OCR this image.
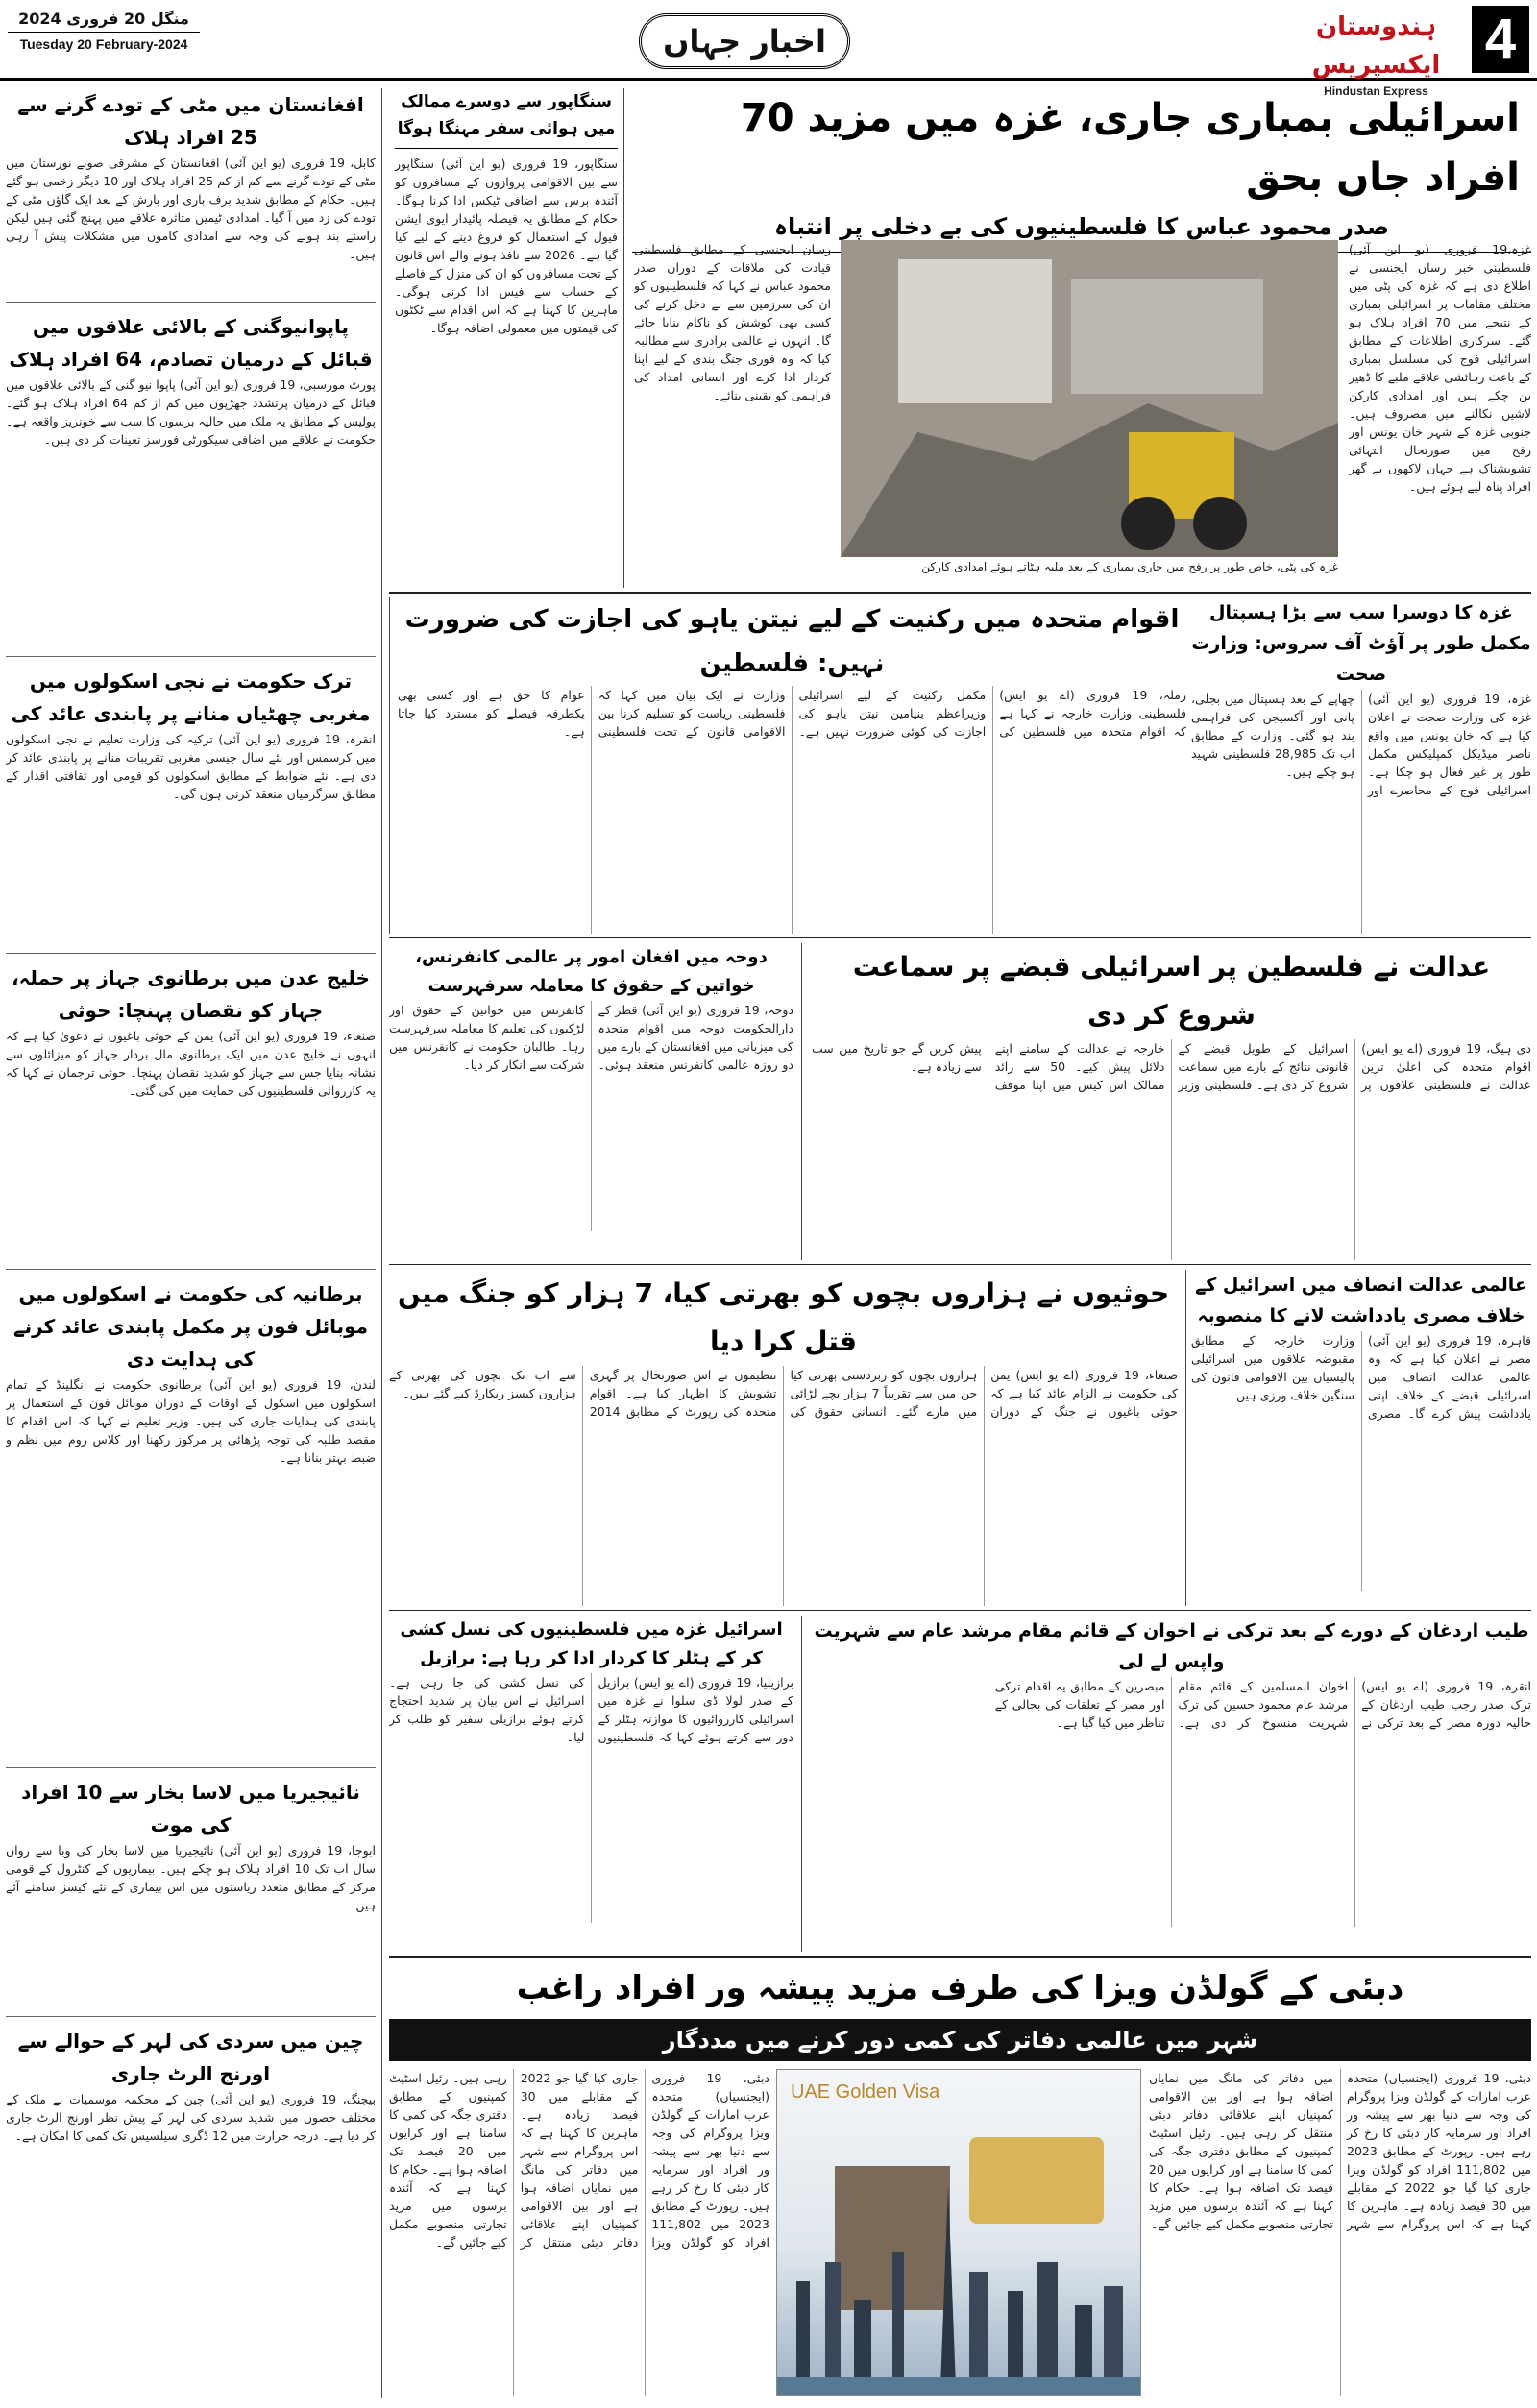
4
ہندوستان ایکسپریس
Hindustan Express
اخبار جہاں
منگل 20 فروری 2024
Tuesday 20 February-2024
افغانستان میں مٹی کے تودے گرنے سے 25 افراد ہلاک
کابل، 19 فروری (یو این آئی) افغانستان کے مشرقی صوبے نورستان میں مٹی کے تودے گرنے سے کم از کم 25 افراد ہلاک اور 10 دیگر زخمی ہو گئے ہیں۔ حکام کے مطابق شدید برف باری اور بارش کے بعد ایک گاؤں مٹی کے تودے کی زد میں آ گیا۔ امدادی ٹیمیں متاثرہ علاقے میں پہنچ گئی ہیں لیکن راستے بند ہونے کی وجہ سے امدادی کاموں میں مشکلات پیش آ رہی ہیں۔
پاپوانیوگنی کے بالائی علاقوں میں قبائل کے درمیان تصادم، 64 افراد ہلاک
پورٹ مورسبی، 19 فروری (یو این آئی) پاپوا نیو گنی کے بالائی علاقوں میں قبائل کے درمیان پرتشدد جھڑپوں میں کم از کم 64 افراد ہلاک ہو گئے۔ پولیس کے مطابق یہ ملک میں حالیہ برسوں کا سب سے خونریز واقعہ ہے۔ حکومت نے علاقے میں اضافی سیکورٹی فورسز تعینات کر دی ہیں۔
ترک حکومت نے نجی اسکولوں میں مغربی چھٹیاں منانے پر پابندی عائد کی
انقرہ، 19 فروری (یو این آئی) ترکیہ کی وزارت تعلیم نے نجی اسکولوں میں کرسمس اور نئے سال جیسی مغربی تقریبات منانے پر پابندی عائد کر دی ہے۔ نئے ضوابط کے مطابق اسکولوں کو قومی اور ثقافتی اقدار کے مطابق سرگرمیاں منعقد کرنی ہوں گی۔
خلیج عدن میں برطانوی جہاز پر حملہ، جہاز کو نقصان پہنچا: حوثی
صنعاء، 19 فروری (یو این آئی) یمن کے حوثی باغیوں نے دعویٰ کیا ہے کہ انہوں نے خلیج عدن میں ایک برطانوی مال بردار جہاز کو میزائلوں سے نشانہ بنایا جس سے جہاز کو شدید نقصان پہنچا۔ حوثی ترجمان نے کہا کہ یہ کارروائی فلسطینیوں کی حمایت میں کی گئی۔
برطانیہ کی حکومت نے اسکولوں میں موبائل فون پر مکمل پابندی عائد کرنے کی ہدایت دی
لندن، 19 فروری (یو این آئی) برطانوی حکومت نے انگلینڈ کے تمام اسکولوں میں اسکول کے اوقات کے دوران موبائل فون کے استعمال پر پابندی کی ہدایات جاری کی ہیں۔ وزیر تعلیم نے کہا کہ اس اقدام کا مقصد طلبہ کی توجہ پڑھائی پر مرکوز رکھنا اور کلاس روم میں نظم و ضبط بہتر بنانا ہے۔
نائیجیریا میں لاسا بخار سے 10 افراد کی موت
ابوجا، 19 فروری (یو این آئی) نائیجیریا میں لاسا بخار کی وبا سے رواں سال اب تک 10 افراد ہلاک ہو چکے ہیں۔ بیماریوں کے کنٹرول کے قومی مرکز کے مطابق متعدد ریاستوں میں اس بیماری کے نئے کیسز سامنے آئے ہیں۔
چین میں سردی کی لہر کے حوالے سے اورنج الرٹ جاری
بیجنگ، 19 فروری (یو این آئی) چین کے محکمہ موسمیات نے ملک کے مختلف حصوں میں شدید سردی کی لہر کے پیش نظر اورنج الرٹ جاری کر دیا ہے۔ درجہ حرارت میں 12 ڈگری سیلسیس تک کمی کا امکان ہے۔
سنگاپور سے دوسرے ممالک میں ہوائی سفر مہنگا ہوگا
سنگاپور، 19 فروری (یو این آئی) سنگاپور سے بین الاقوامی پروازوں کے مسافروں کو آئندہ برس سے اضافی ٹیکس ادا کرنا ہوگا۔ حکام کے مطابق یہ فیصلہ پائیدار ایوی ایشن فیول کے استعمال کو فروغ دینے کے لیے کیا گیا ہے۔ 2026 سے نافذ ہونے والے اس قانون کے تحت مسافروں کو ان کی منزل کے فاصلے کے حساب سے فیس ادا کرنی ہوگی۔ ماہرین کا کہنا ہے کہ اس اقدام سے ٹکٹوں کی قیمتوں میں معمولی اضافہ ہوگا۔
اسرائیلی بمباری جاری، غزہ میں مزید 70 افراد جاں بحق
صدر محمود عباس کا فلسطینیوں کی بے دخلی پر انتباہ
غزہ،19 فروری (یو این آئی) فلسطینی خبر رساں ایجنسی نے اطلاع دی ہے کہ غزہ کی پٹی میں مختلف مقامات پر اسرائیلی بمباری کے نتیجے میں 70 افراد ہلاک ہو گئے۔ سرکاری اطلاعات کے مطابق اسرائیلی فوج کی مسلسل بمباری کے باعث رہائشی علاقے ملبے کا ڈھیر بن چکے ہیں اور امدادی کارکن لاشیں نکالنے میں مصروف ہیں۔ جنوبی غزہ کے شہر خان یونس اور رفح میں صورتحال انتہائی تشویشناک ہے جہاں لاکھوں بے گھر افراد پناہ لیے ہوئے ہیں۔
غزہ کی پٹی، خاص طور پر رفح میں جاری بمباری کے بعد ملبہ ہٹاتے ہوئے امدادی کارکن
رسان ایجنسی کے مطابق فلسطینی قیادت کی ملاقات کے دوران صدر محمود عباس نے کہا کہ فلسطینیوں کو ان کی سرزمین سے بے دخل کرنے کی کسی بھی کوشش کو ناکام بنایا جائے گا۔ انہوں نے عالمی برادری سے مطالبہ کیا کہ وہ فوری جنگ بندی کے لیے اپنا کردار ادا کرے اور انسانی امداد کی فراہمی کو یقینی بنائے۔
اقوام متحدہ میں رکنیت کے لیے نیتن یاہو کی اجازت کی ضرورت نہیں: فلسطین
رملہ، 19 فروری (اے یو ایس) فلسطینی وزارت خارجہ نے کہا ہے کہ اقوام متحدہ میں فلسطین کی مکمل رکنیت کے لیے اسرائیلی وزیراعظم بنیامین نیتن یاہو کی اجازت کی کوئی ضرورت نہیں ہے۔ وزارت نے ایک بیان میں کہا کہ فلسطینی ریاست کو تسلیم کرنا بین الاقوامی قانون کے تحت فلسطینی عوام کا حق ہے اور کسی بھی یکطرفہ فیصلے کو مسترد کیا جاتا ہے۔
غزہ کا دوسرا سب سے بڑا ہسپتال مکمل طور پر آؤٹ آف سروس: وزارت صحت
غزہ، 19 فروری (یو این آئی) غزہ کی وزارت صحت نے اعلان کیا ہے کہ خان یونس میں واقع ناصر میڈیکل کمپلیکس مکمل طور پر غیر فعال ہو چکا ہے۔ اسرائیلی فوج کے محاصرے اور چھاپے کے بعد ہسپتال میں بجلی، پانی اور آکسیجن کی فراہمی بند ہو گئی۔ وزارت کے مطابق اب تک 28,985 فلسطینی شہید ہو چکے ہیں۔
دوحہ میں افغان امور پر عالمی کانفرنس، خواتین کے حقوق کا معاملہ سرفہرست
دوحہ، 19 فروری (یو این آئی) قطر کے دارالحکومت دوحہ میں اقوام متحدہ کی میزبانی میں افغانستان کے بارے میں دو روزہ عالمی کانفرنس منعقد ہوئی۔ کانفرنس میں خواتین کے حقوق اور لڑکیوں کی تعلیم کا معاملہ سرفہرست رہا۔ طالبان حکومت نے کانفرنس میں شرکت سے انکار کر دیا۔
عدالت نے فلسطین پر اسرائیلی قبضے پر سماعت شروع کر دی
دی ہیگ، 19 فروری (اے یو ایس) اقوام متحدہ کی اعلیٰ ترین عدالت نے فلسطینی علاقوں پر اسرائیل کے طویل قبضے کے قانونی نتائج کے بارے میں سماعت شروع کر دی ہے۔ فلسطینی وزیر خارجہ نے عدالت کے سامنے اپنے دلائل پیش کیے۔ 50 سے زائد ممالک اس کیس میں اپنا موقف پیش کریں گے جو تاریخ میں سب سے زیادہ ہے۔
حوثیوں نے ہزاروں بچوں کو بھرتی کیا، 7 ہزار کو جنگ میں قتل کرا دیا
صنعاء، 19 فروری (اے یو ایس) یمن کی حکومت نے الزام عائد کیا ہے کہ حوثی باغیوں نے جنگ کے دوران ہزاروں بچوں کو زبردستی بھرتی کیا جن میں سے تقریباً 7 ہزار بچے لڑائی میں مارے گئے۔ انسانی حقوق کی تنظیموں نے اس صورتحال پر گہری تشویش کا اظہار کیا ہے۔ اقوام متحدہ کی رپورٹ کے مطابق 2014 سے اب تک بچوں کی بھرتی کے ہزاروں کیسز ریکارڈ کیے گئے ہیں۔
عالمی عدالت انصاف میں اسرائیل کے خلاف مصری یادداشت لانے کا منصوبہ
قاہرہ، 19 فروری (یو این آئی) مصر نے اعلان کیا ہے کہ وہ عالمی عدالت انصاف میں اسرائیلی قبضے کے خلاف اپنی یادداشت پیش کرے گا۔ مصری وزارت خارجہ کے مطابق مقبوضہ علاقوں میں اسرائیلی پالیسیاں بین الاقوامی قانون کی سنگین خلاف ورزی ہیں۔
اسرائیل غزہ میں فلسطینیوں کی نسل کشی کر کے ہٹلر کا کردار ادا کر رہا ہے: برازیل
برازیلیا، 19 فروری (اے یو ایس) برازیل کے صدر لولا ڈی سلوا نے غزہ میں اسرائیلی کارروائیوں کا موازنہ ہٹلر کے دور سے کرتے ہوئے کہا کہ فلسطینیوں کی نسل کشی کی جا رہی ہے۔ اسرائیل نے اس بیان پر شدید احتجاج کرتے ہوئے برازیلی سفیر کو طلب کر لیا۔
طیب اردغان کے دورے کے بعد ترکی نے اخوان کے قائم مقام مرشد عام سے شہریت واپس لے لی
انقرہ، 19 فروری (اے یو ایس) ترک صدر رجب طیب اردغان کے حالیہ دورہ مصر کے بعد ترکی نے اخوان المسلمین کے قائم مقام مرشد عام محمود حسین کی ترک شہریت منسوخ کر دی ہے۔ مبصرین کے مطابق یہ اقدام ترکی اور مصر کے تعلقات کی بحالی کے تناظر میں کیا گیا ہے۔
دبئی کے گولڈن ویزا کی طرف مزید پیشہ ور افراد راغب
شہر میں عالمی دفاتر کی کمی دور کرنے میں مددگار
UAE Golden Visa
دبئی، 19 فروری (ایجنسیاں) متحدہ عرب امارات کے گولڈن ویزا پروگرام کی وجہ سے دنیا بھر سے پیشہ ور افراد اور سرمایہ کار دبئی کا رخ کر رہے ہیں۔ رپورٹ کے مطابق 2023 میں 111,802 افراد کو گولڈن ویزا جاری کیا گیا جو 2022 کے مقابلے میں 30 فیصد زیادہ ہے۔ ماہرین کا کہنا ہے کہ اس پروگرام سے شہر میں دفاتر کی مانگ میں نمایاں اضافہ ہوا ہے اور بین الاقوامی کمپنیاں اپنے علاقائی دفاتر دبئی منتقل کر رہی ہیں۔ رئیل اسٹیٹ کمپنیوں کے مطابق دفتری جگہ کی کمی کا سامنا ہے اور کرایوں میں 20 فیصد تک اضافہ ہوا ہے۔ حکام کا کہنا ہے کہ آئندہ برسوں میں مزید تجارتی منصوبے مکمل کیے جائیں گے۔
دبئی، 19 فروری (ایجنسیاں) متحدہ عرب امارات کے گولڈن ویزا پروگرام کی وجہ سے دنیا بھر سے پیشہ ور افراد اور سرمایہ کار دبئی کا رخ کر رہے ہیں۔ رپورٹ کے مطابق 2023 میں 111,802 افراد کو گولڈن ویزا جاری کیا گیا جو 2022 کے مقابلے میں 30 فیصد زیادہ ہے۔ ماہرین کا کہنا ہے کہ اس پروگرام سے شہر میں دفاتر کی مانگ میں نمایاں اضافہ ہوا ہے اور بین الاقوامی کمپنیاں اپنے علاقائی دفاتر دبئی منتقل کر رہی ہیں۔ رئیل اسٹیٹ کمپنیوں کے مطابق دفتری جگہ کی کمی کا سامنا ہے اور کرایوں میں 20 فیصد تک اضافہ ہوا ہے۔ حکام کا کہنا ہے کہ آئندہ برسوں میں مزید تجارتی منصوبے مکمل کیے جائیں گے۔
